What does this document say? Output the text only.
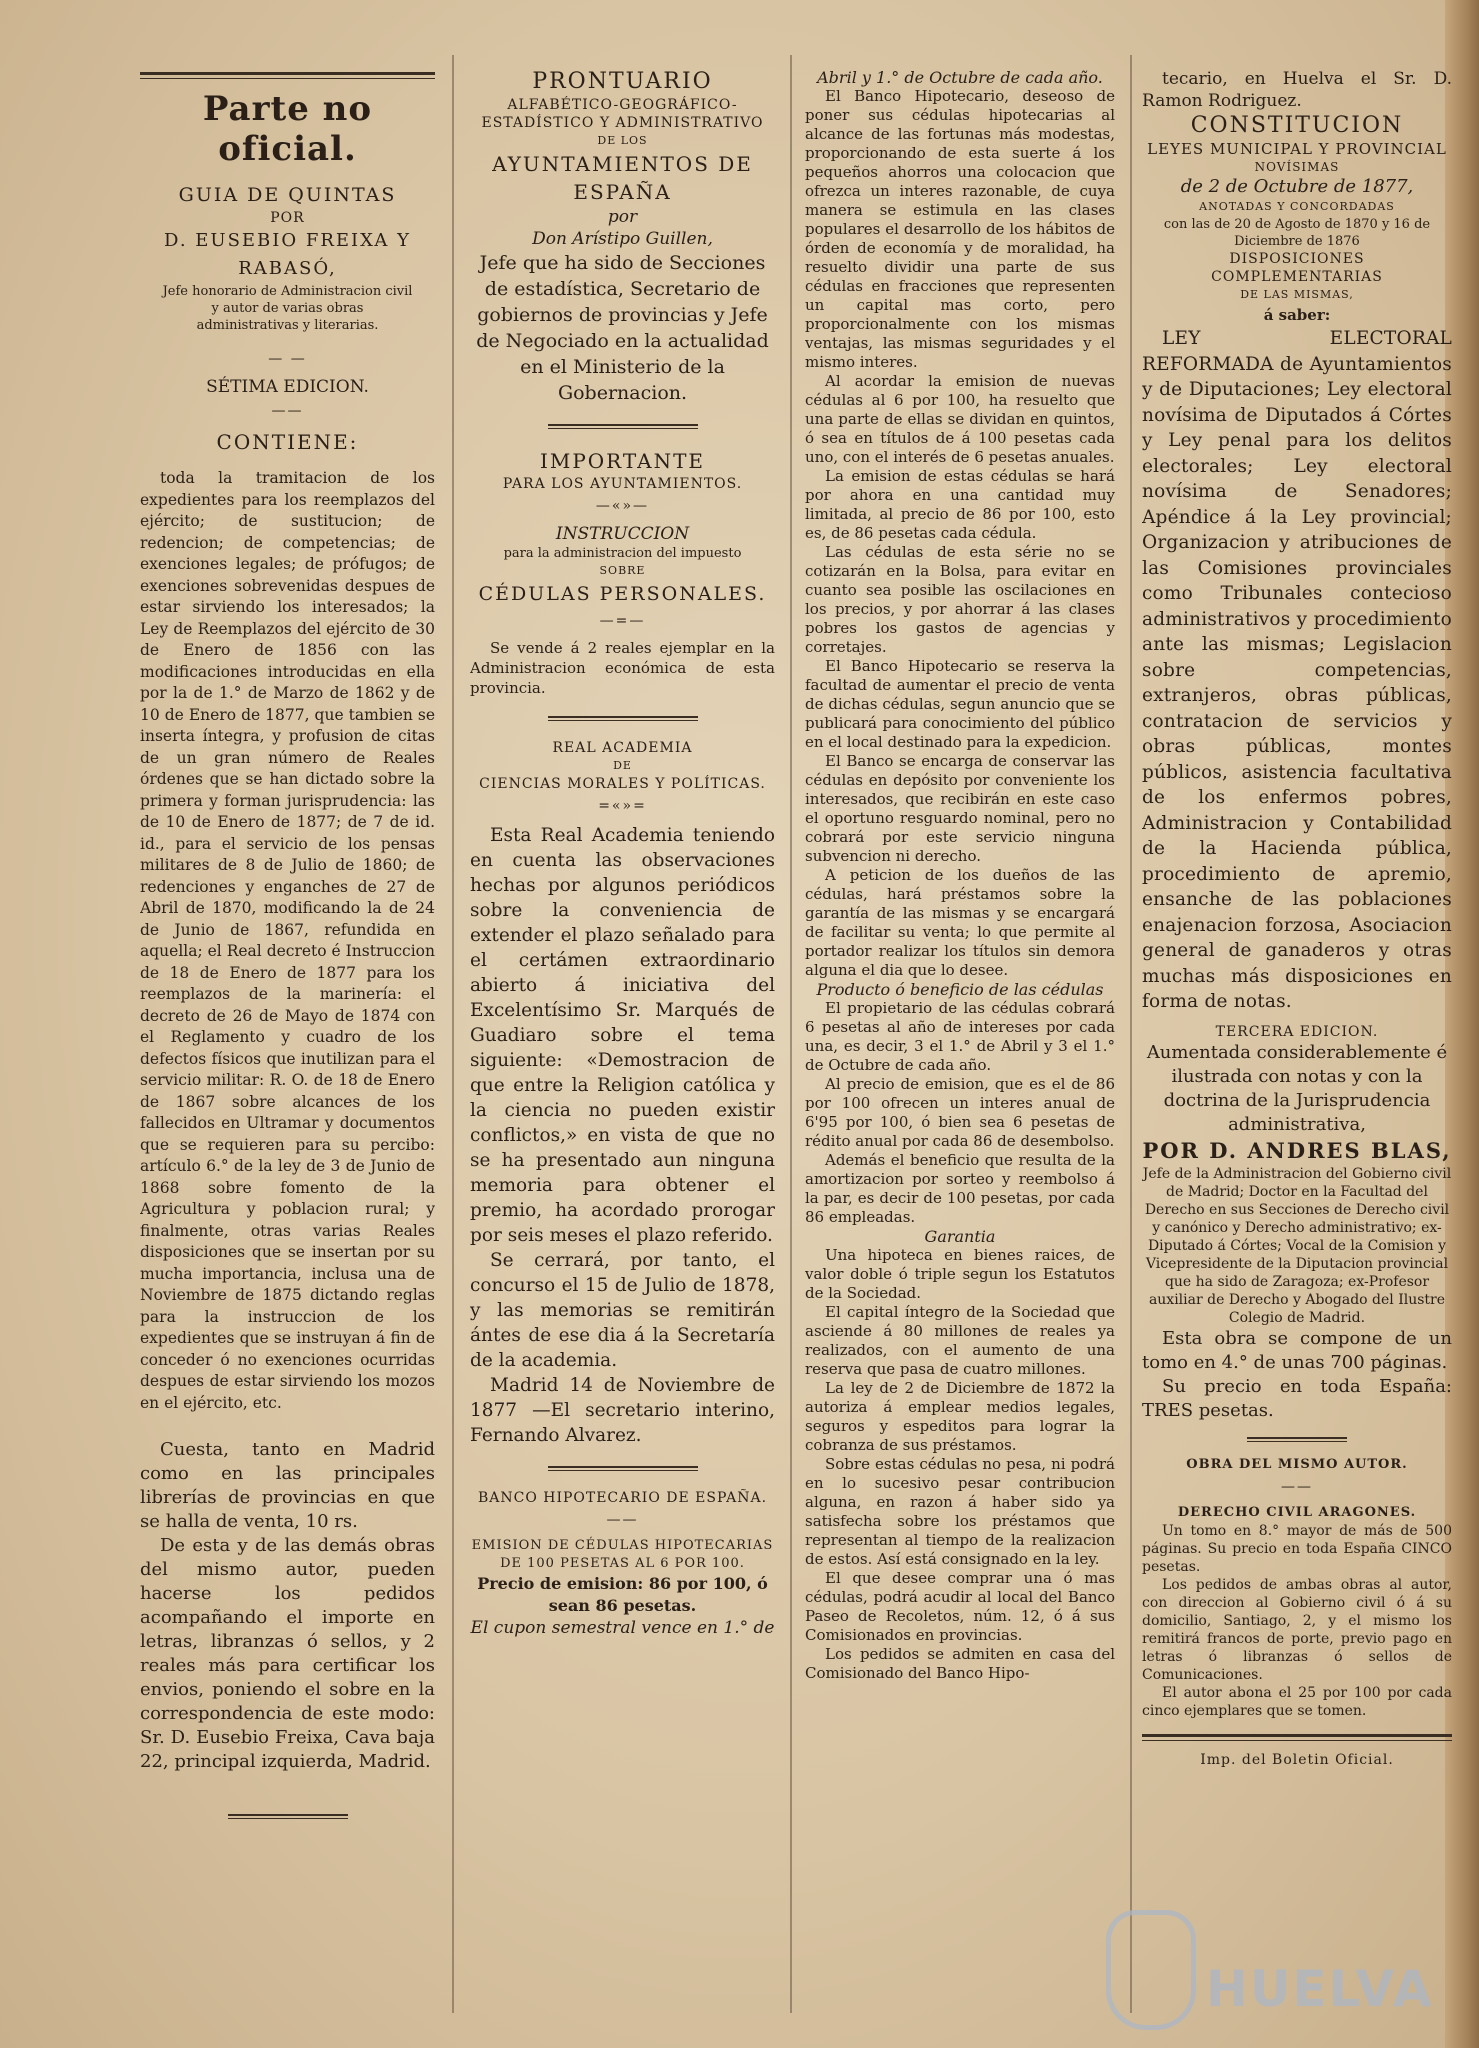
Parte no oficial.
GUIA DE QUINTAS
POR
D. EUSEBIO FREIXA Y RABASÓ,
Jefe honorario de Administracion civil y autor de varias obras administrativas y literarias.
— —
SÉTIMA EDICION.
——
CONTIENE:

toda la tramitacion de los expedientes para los reemplazos del ejército; de sustitucion; de redencion; de competencias; de exenciones legales; de prófugos; de exenciones sobrevenidas despues de estar sirviendo los interesados; la Ley de Reemplazos del ejército de 30 de Enero de 1856 con las modificaciones introducidas en ella por la de 1.° de Marzo de 1862 y de 10 de Enero de 1877, que tambien se inserta íntegra, y profusion de citas de un gran número de Reales órdenes que se han dictado sobre la primera y forman jurisprudencia: las de 10 de Enero de 1877; de 7 de id. id., para el servicio de los pensas militares de 8 de Julio de 1860; de redenciones y enganches de 27 de Abril de 1870, modificando la de 24 de Junio de 1867, refundida en aquella; el Real decreto é Instruccion de 18 de Enero de 1877 para los reemplazos de la marinería: el decreto de 26 de Mayo de 1874 con el Reglamento y cuadro de los defectos físicos que inutilizan para el servicio militar: R. O. de 18 de Enero de 1867 sobre alcances de los fallecidos en Ultramar y documentos que se requieren para su percibo: artículo 6.° de la ley de 3 de Junio de 1868 sobre fomento de la Agricultura y poblacion rural; y finalmente, otras varias Reales disposiciones que se insertan por su mucha importancia, inclusa una de Noviembre de 1875 dictando reglas para la instruccion de los expedientes que se instruyan á fin de conceder ó no exenciones ocurridas despues de estar sirviendo los mozos en el ejército, etc.

Cuesta, tanto en Madrid como en las principales librerías de provincias en que se halla de venta, 10 rs.

De esta y de las demás obras del mismo autor, pueden hacerse los pedidos acompañando el importe en letras, libranzas ó sellos, y 2 reales más para certificar los envios, poniendo el sobre en la correspondencia de este modo: Sr. D. Eusebio Freixa, Cava baja 22, principal izquierda, Madrid.

PRONTUARIO
ALFABÉTICO-GEOGRÁFICO-ESTADÍSTICO Y ADMINISTRATIVO
DE LOS
AYUNTAMIENTOS DE ESPAÑA
por
Don Arístipo Guillen,

Jefe que ha sido de Secciones de estadística, Secretario de gobiernos de provincias y Jefe de Negociado en la actualidad en el Ministerio de la Gobernacion.

IMPORTANTE
PARA LOS AYUNTAMIENTOS.
—«»—
INSTRUCCION
para la administracion del impuesto
SOBRE
CÉDULAS PERSONALES.
—=—

Se vende á 2 reales ejemplar en la Administracion económica de esta provincia.

REAL ACADEMIA
DE
CIENCIAS MORALES Y POLÍTICAS.
=«»=

Esta Real Academia teniendo en cuenta las observaciones hechas por algunos periódicos sobre la conveniencia de extender el plazo señalado para el certámen extraordinario abierto á iniciativa del Excelentísimo Sr. Marqués de Guadiaro sobre el tema siguiente: «Demostracion de que entre la Religion católica y la ciencia no pueden existir conflictos,» en vista de que no se ha presentado aun ninguna memoria para obtener el premio, ha acordado prorogar por seis meses el plazo referido.

Se cerrará, por tanto, el concurso el 15 de Julio de 1878, y las memorias se remitirán ántes de ese dia á la Secretaría de la academia.

Madrid 14 de Noviembre de 1877 —El secretario interino, Fernando Alvarez.

BANCO HIPOTECARIO DE ESPAÑA.
——
EMISION DE CÉDULAS HIPOTECARIAS DE 100 PESETAS AL 6 POR 100.
Precio de emision: 86 por 100, ó sean 86 pesetas.
El cupon semestral vence en 1.° de
Abril y 1.° de Octubre de cada año.

El Banco Hipotecario, deseoso de poner sus cédulas hipotecarias al alcance de las fortunas más modestas, proporcionando de esta suerte á los pequeños ahorros una colocacion que ofrezca un interes razonable, de cuya manera se estimula en las clases populares el desarrollo de los hábitos de órden de economía y de moralidad, ha resuelto dividir una parte de sus cédulas en fracciones que representen un capital mas corto, pero proporcionalmente con los mismas ventajas, las mismas seguridades y el mismo interes.

Al acordar la emision de nuevas cédulas al 6 por 100, ha resuelto que una parte de ellas se dividan en quintos, ó sea en títulos de á 100 pesetas cada uno, con el interés de 6 pesetas anuales.

La emision de estas cédulas se hará por ahora en una cantidad muy limitada, al precio de 86 por 100, esto es, de 86 pesetas cada cédula.

Las cédulas de esta série no se cotizarán en la Bolsa, para evitar en cuanto sea posible las oscilaciones en los precios, y por ahorrar á las clases pobres los gastos de agencias y corretajes.

El Banco Hipotecario se reserva la facultad de aumentar el precio de venta de dichas cédulas, segun anuncio que se publicará para conocimiento del público en el local destinado para la expedicion.

El Banco se encarga de conservar las cédulas en depósito por conveniente los interesados, que recibirán en este caso el oportuno resguardo nominal, pero no cobrará por este servicio ninguna subvencion ni derecho.

A peticion de los dueños de las cédulas, hará préstamos sobre la garantía de las mismas y se encargará de facilitar su venta; lo que permite al portador realizar los títulos sin demora alguna el dia que lo desee.

Producto ó beneficio de las cédulas

El propietario de las cédulas cobrará 6 pesetas al año de intereses por cada una, es decir, 3 el 1.° de Abril y 3 el 1.° de Octubre de cada año.

Al precio de emision, que es el de 86 por 100 ofrecen un interes anual de 6'95 por 100, ó bien sea 6 pesetas de rédito anual por cada 86 de desembolso.

Además el beneficio que resulta de la amortizacion por sorteo y reembolso á la par, es decir de 100 pesetas, por cada 86 empleadas.

Garantia

Una hipoteca en bienes raices, de valor doble ó triple segun los Estatutos de la Sociedad.

El capital íntegro de la Sociedad que asciende á 80 millones de reales ya realizados, con el aumento de una reserva que pasa de cuatro millones.

La ley de 2 de Diciembre de 1872 la autoriza á emplear medios legales, seguros y espeditos para lograr la cobranza de sus préstamos.

Sobre estas cédulas no pesa, ni podrá en lo sucesivo pesar contribucion alguna, en razon á haber sido ya satisfecha sobre los préstamos que representan al tiempo de la realizacion de estos. Así está consignado en la ley.

El que desee comprar una ó mas cédulas, podrá acudir al local del Banco Paseo de Recoletos, núm. 12, ó á sus Comisionados en provincias.

Los pedidos se admiten en casa del Comisionado del Banco Hipo-

tecario, en Huelva el Sr. D. Ramon Rodriguez.

CONSTITUCION
LEYES MUNICIPAL Y PROVINCIAL
NOVÍSIMAS
de 2 de Octubre de 1877,
ANOTADAS Y CONCORDADAS
con las de 20 de Agosto de 1870 y 16 de Diciembre de 1876
DISPOSICIONES COMPLEMENTARIAS
DE LAS MISMAS,
á saber:

LEY ELECTORAL REFORMADA de Ayuntamientos y de Diputaciones; Ley electoral novísima de Diputados á Córtes y Ley penal para los delitos electorales; Ley electoral novísima de Senadores; Apéndice á la Ley provincial; Organizacion y atribuciones de las Comisiones provinciales como Tribunales contecioso administrativos y procedimiento ante las mismas; Legislacion sobre competencias, extranjeros, obras públicas, contratacion de servicios y obras públicas, montes públicos, asistencia facultativa de los enfermos pobres, Administracion y Contabilidad de la Hacienda pública, procedimiento de apremio, ensanche de las poblaciones enajenacion forzosa, Asociacion general de ganaderos y otras muchas más disposiciones en forma de notas.

TERCERA EDICION.

Aumentada considerablemente é ilustrada con notas y con la doctrina de la Jurisprudencia administrativa,

POR D. ANDRES BLAS,

Jefe de la Administracion del Gobierno civil de Madrid; Doctor en la Facultad del Derecho en sus Secciones de Derecho civil y canónico y Derecho administrativo; ex-Diputado á Córtes; Vocal de la Comision y Vicepresidente de la Diputacion provincial que ha sido de Zaragoza; ex-Profesor auxiliar de Derecho y Abogado del Ilustre Colegio de Madrid.

Esta obra se compone de un tomo en 4.° de unas 700 páginas.

Su precio en toda España: TRES pesetas.

OBRA DEL MISMO AUTOR.
——
DERECHO CIVIL ARAGONES.

Un tomo en 8.° mayor de más de 500 páginas. Su precio en toda España CINCO pesetas.

Los pedidos de ambas obras al autor, con direccion al Gobierno civil ó á su domicilio, Santiago, 2, y el mismo los remitirá francos de porte, previo pago en letras ó libranzas ó sellos de Comunicaciones.

El autor abona el 25 por 100 por cada cinco ejemplares que se tomen.

Imp. del Boletin Oficial.
HUELVA
